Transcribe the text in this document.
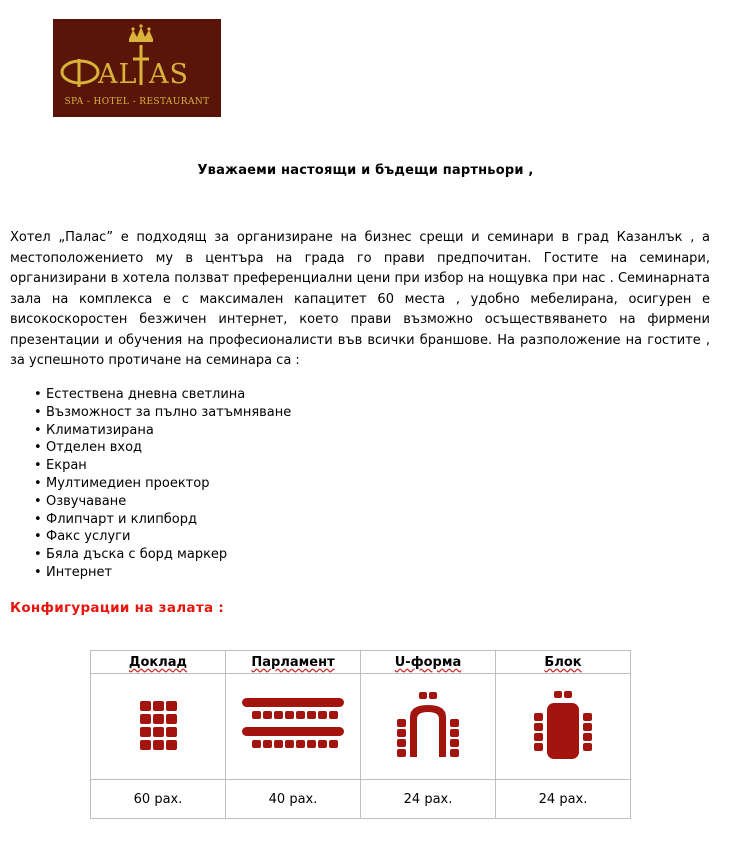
AL AS
SPA - HOTEL - RESTAURANT
Уважаеми настоящи и бъдещи партньори ,
Хотел „Палас” е подходящ за организиране на бизнес срещи и семинари в град Казанлък , а местоположението му в центъра на града го прави предпочитан. Гостите на семинари, организирани в хотела ползват преференциални цени при избор на нощувка при нас . Семинарната зала на комплекса е с максимален капацитет 60 места , удобно мебелирана, осигурен е високоскоростен безжичен интернет, което прави възможно осъществяването на фирмени презентации и обучения на професионалисти във всички браншове. На разположение на гостите , за успешното протичане на семинара са :
• Естествена дневна светлина
• Възможност за пълно затъмняване
• Климатизирана
• Отделен вход
• Екран
• Мултимедиен проектор
• Озвучаване
• Флипчарт и клипборд
• Факс услуги
• Бяла дъска с борд маркер
• Интернет
Конфигурации на залата :
Доклад	Парламент	U-форма	Блок

60 рах.	40 рах.	24 рах.	24 рах.
